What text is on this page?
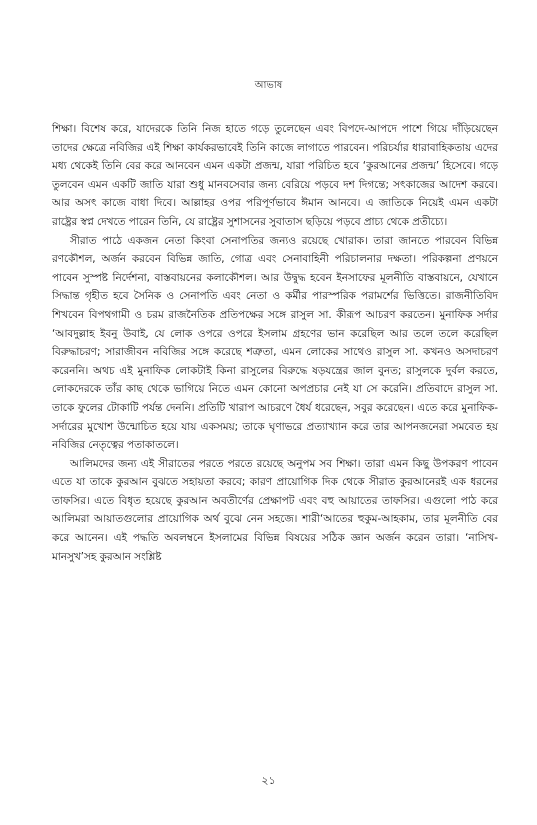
আভাষ

শিক্ষা। বিশেষ করে, যাদেরকে তিনি নিজ হাতে গড়ে তুলেছেন এবং বিপদে-আপদে পাশে গিয়ে দাঁড়িয়েছেন তাদের ক্ষেত্রে নবিজির এই শিক্ষা কার্যকরভাবেই তিনি কাজে লাগাতে পারবেন। পরিচর্যার ধারাবাহিকতায় এদের মধ্য থেকেই তিনি বের করে আনবেন এমন একটা প্রজন্ম, যারা পরিচিত হবে ‘কুরআনের প্রজন্ম’ হিসেবে। গড়ে তুলবেন এমন একটি জাতি যারা শুধু মানবসেবার জন্য বেরিয়ে পড়বে দশ দিগন্তে; সৎকাজের আদেশ করবে। আর অসৎ কাজে বাধা দিবে। আল্লাহর ওপর পরিপূর্ণভাবে ঈমান আনবে। এ জাতিকে নিয়েই এমন একটা রাষ্ট্রের স্বপ্ন দেখতে পারেন তিনি, যে রাষ্ট্রের সুশাসনের সুবাতাস ছড়িয়ে পড়বে প্রাচ্য থেকে প্রতীচ্যে।

সীরাত পাঠে একজন নেতা কিংবা সেনাপতির জন্যও রয়েছে খোরাক। তারা জানতে পারবেন বিভিন্ন রণকৌশল, অর্জন করবেন বিভিন্ন জাতি, গোত্র এবং সেনাবাহিনী পরিচালনার দক্ষতা। পরিকল্পনা প্রণয়নে পাবেন সুস্পষ্ট নির্দেশনা, বাস্তবায়নের কলাকৌশল। আর উদ্বুদ্ধ হবেন ইনসাফের মূলনীতি বাস্তবায়নে, যেখানে সিদ্ধান্ত গৃহীত হবে সৈনিক ও সেনাপতি এবং নেতা ও কর্মীর পারস্পরিক পরামর্শের ভিত্তিতে। রাজনীতিবিদ শিখবেন বিপথগামী ও চরম রাজনৈতিক প্রতিপক্ষের সঙ্গে রাসুল সা. কীরূপ আচরণ করতেন। মুনাফিক সর্দার ‘আবদুল্লাহ ইবনু উবাই, যে লোক ওপরে ওপরে ইসলাম গ্রহণের ভান করেছিল আর তলে তলে করেছিল বিরুদ্ধাচরণ; সারাজীবন নবিজির সঙ্গে করেছে শত্রুতা, এমন লোকের সাথেও রাসুল সা. কখনও অসদাচরণ করেননি। অথচ এই মুনাফিক লোকটাই কিনা রাসুলের বিরুদ্ধে ষড়যন্ত্রের জাল বুনত; রাসুলকে দুর্বল করতে, লোকদেরকে তাঁর কাছ থেকে ভাগিয়ে নিতে এমন কোনো অপপ্রচার নেই যা সে করেনি। প্রতিবাদে রাসুল সা. তাকে ফুলের টোকাটি পর্যন্ত দেননি। প্রতিটি খারাপ আচরণে ধৈর্য ধরেছেন, সবুর করেছেন। এতে করে মুনাফিক-সর্দারের মুখোশ উন্মোচিত হয়ে যায় একসময়; তাকে ঘৃণাভরে প্রত্যাখ্যান করে তার আপনজনেরা সমবেত হয় নবিজির নেতৃত্বের পতাকাতলে।

আলিমদের জন্য এই সীরাতের পরতে পরতে রয়েছে অনুপম সব শিক্ষা। তারা এমন কিছু উপকরণ পাবেন এতে যা তাকে কুরআন বুঝতে সহায়তা করবে; কারণ প্রায়োগিক দিক থেকে সীরাত কুরআনেরই এক ধরনের তাফসির। এতে বিধৃত হয়েছে কুরআন অবতীর্ণের প্রেক্ষাপট এবং বহু আয়াতের তাফসির। এগুলো পাঠ করে আলিমরা আয়াতগুলোর প্রায়োগিক অর্থ বুঝে নেন সহজে। শারী‘আতের হুকুম-আহকাম, তার মূলনীতি বের করে আনেন। এই পদ্ধতি অবলম্বনে ইসলামের বিভিন্ন বিষয়ের সঠিক জ্ঞান অর্জন করেন তারা। ‘নাসিখ-মানসুখ’সহ কুরআন সংশ্লিষ্ট

২১
